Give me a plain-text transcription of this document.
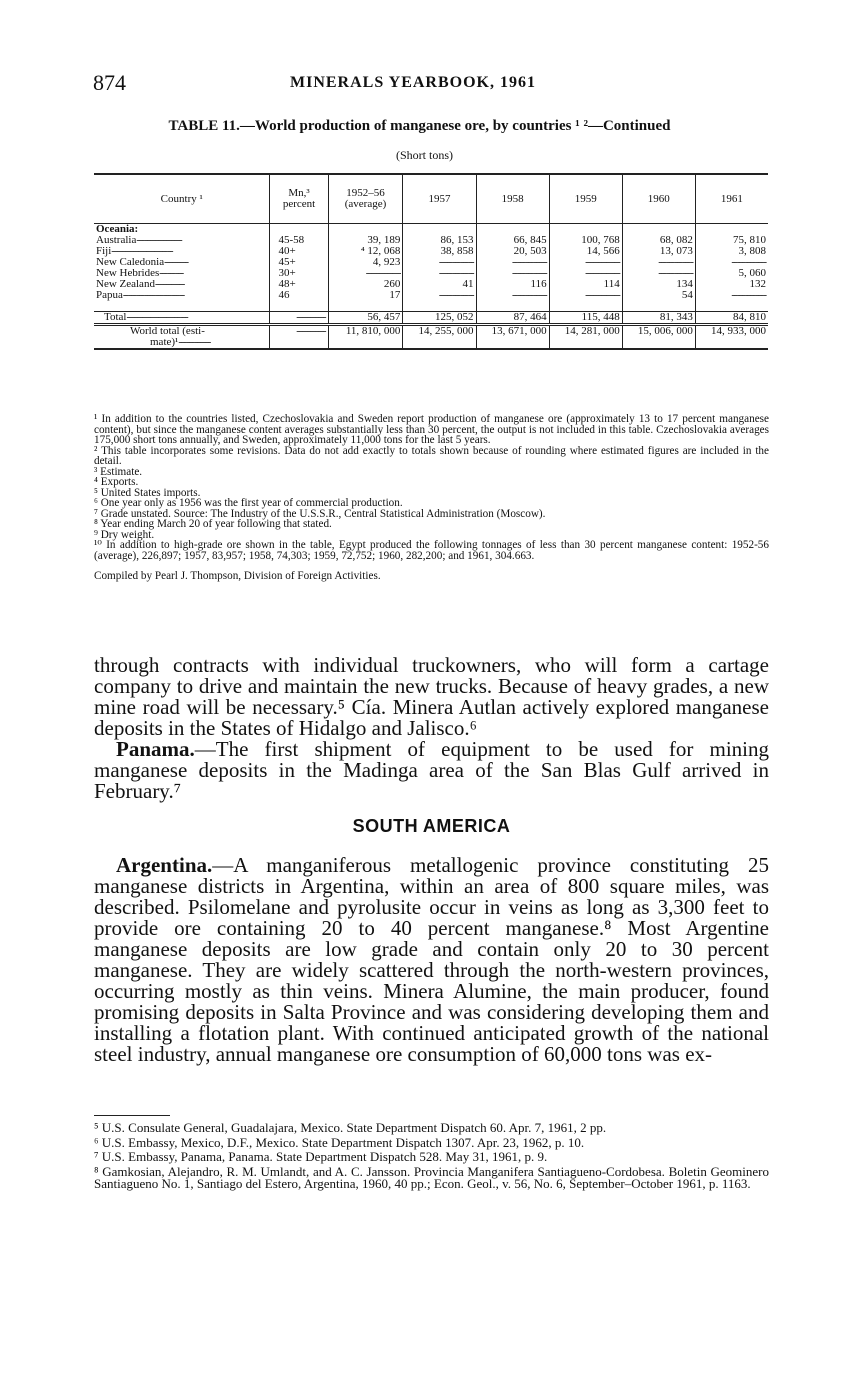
874	MINERALS YEARBOOK, 1961
TABLE 11.—World production of manganese ore, by countries ¹ ²—Continued
(Short tons)
Country ¹	Mn,³ percent	1952–56 (average)	1957	1958	1959	1960	1961
Oceania:							
Australia-----------------	45-58	39, 189	86, 153	66, 845	100, 768	68, 082	75, 810
Fiji-----------------------	40+	⁴ 12, 068	38, 858	20, 503	14, 566	13, 073	3, 808
New Caledonia---------	45+	4, 923	-------------	-------------	-------------	-------------	-------------
New Hebrides---------	30+	-------------	-------------	-------------	-------------	-------------	5, 060
New Zealand-----------	48+	260	41	116	114	134	132
Papua-----------------------	46	17	-------------	-------------	-------------	54	-------------
Total-----------------------	-----------	56, 457	125, 052	87, 464	115, 448	81, 343	84, 810

World total (esti-
mate)¹------------	-----------	11, 810, 000	14, 255, 000	13, 671, 000	14, 281, 000	15, 006, 000	14, 933, 000

¹ In addition to the countries listed, Czechoslovakia and Sweden report production of manganese ore (approximately 13 to 17 percent manganese content), but since the manganese content averages substantially less than 30 percent, the output is not included in this table. Czechoslovakia averages 175,000 short tons annually, and Sweden, approximately 11,000 tons for the last 5 years.

² This table incorporates some revisions. Data do not add exactly to totals shown because of rounding where estimated figures are included in the detail.

³ Estimate.

⁴ Exports.

⁵ United States imports.

⁶ One year only as 1956 was the first year of commercial production.

⁷ Grade unstated. Source: The Industry of the U.S.S.R., Central Statistical Administration (Moscow).

⁸ Year ending March 20 of year following that stated.

⁹ Dry weight.

¹⁰ In addition to high-grade ore shown in the table, Egypt produced the following tonnages of less than 30 percent manganese content: 1952-56 (average), 226,897; 1957, 83,957; 1958, 74,303; 1959, 72,752; 1960, 282,200; and 1961, 304.663.

Compiled by Pearl J. Thompson, Division of Foreign Activities.

through contracts with individual truckowners, who will form a cartage company to drive and maintain the new trucks. Because of heavy grades, a new mine road will be necessary.⁵ Cía. Minera Autlan actively explored manganese deposits in the States of Hidalgo and Jalisco.⁶

Panama.—The first shipment of equipment to be used for mining manganese deposits in the Madinga area of the San Blas Gulf arrived in February.⁷

SOUTH AMERICA

Argentina.—A manganiferous metallogenic province constituting 25 manganese districts in Argentina, within an area of 800 square miles, was described. Psilomelane and pyrolusite occur in veins as long as 3,300 feet to provide ore containing 20 to 40 percent manganese.⁸ Most Argentine manganese deposits are low grade and contain only 20 to 30 percent manganese. They are widely scattered through the north-western provinces, occurring mostly as thin veins. Minera Alumine, the main producer, found promising deposits in Salta Province and was considering developing them and installing a flotation plant. With continued anticipated growth of the national steel industry, annual manganese ore consumption of 60,000 tons was ex-

⁵ U.S. Consulate General, Guadalajara, Mexico. State Department Dispatch 60. Apr. 7, 1961, 2 pp.

⁶ U.S. Embassy, Mexico, D.F., Mexico. State Department Dispatch 1307. Apr. 23, 1962, p. 10.

⁷ U.S. Embassy, Panama, Panama. State Department Dispatch 528. May 31, 1961, p. 9.

⁸ Gamkosian, Alejandro, R. M. Umlandt, and A. C. Jansson. Provincia Manganifera Santiagueno-Cordobesa. Boletin Geominero Santiagueno No. 1, Santiago del Estero, Argentina, 1960, 40 pp.; Econ. Geol., v. 56, No. 6, September–October 1961, p. 1163.
